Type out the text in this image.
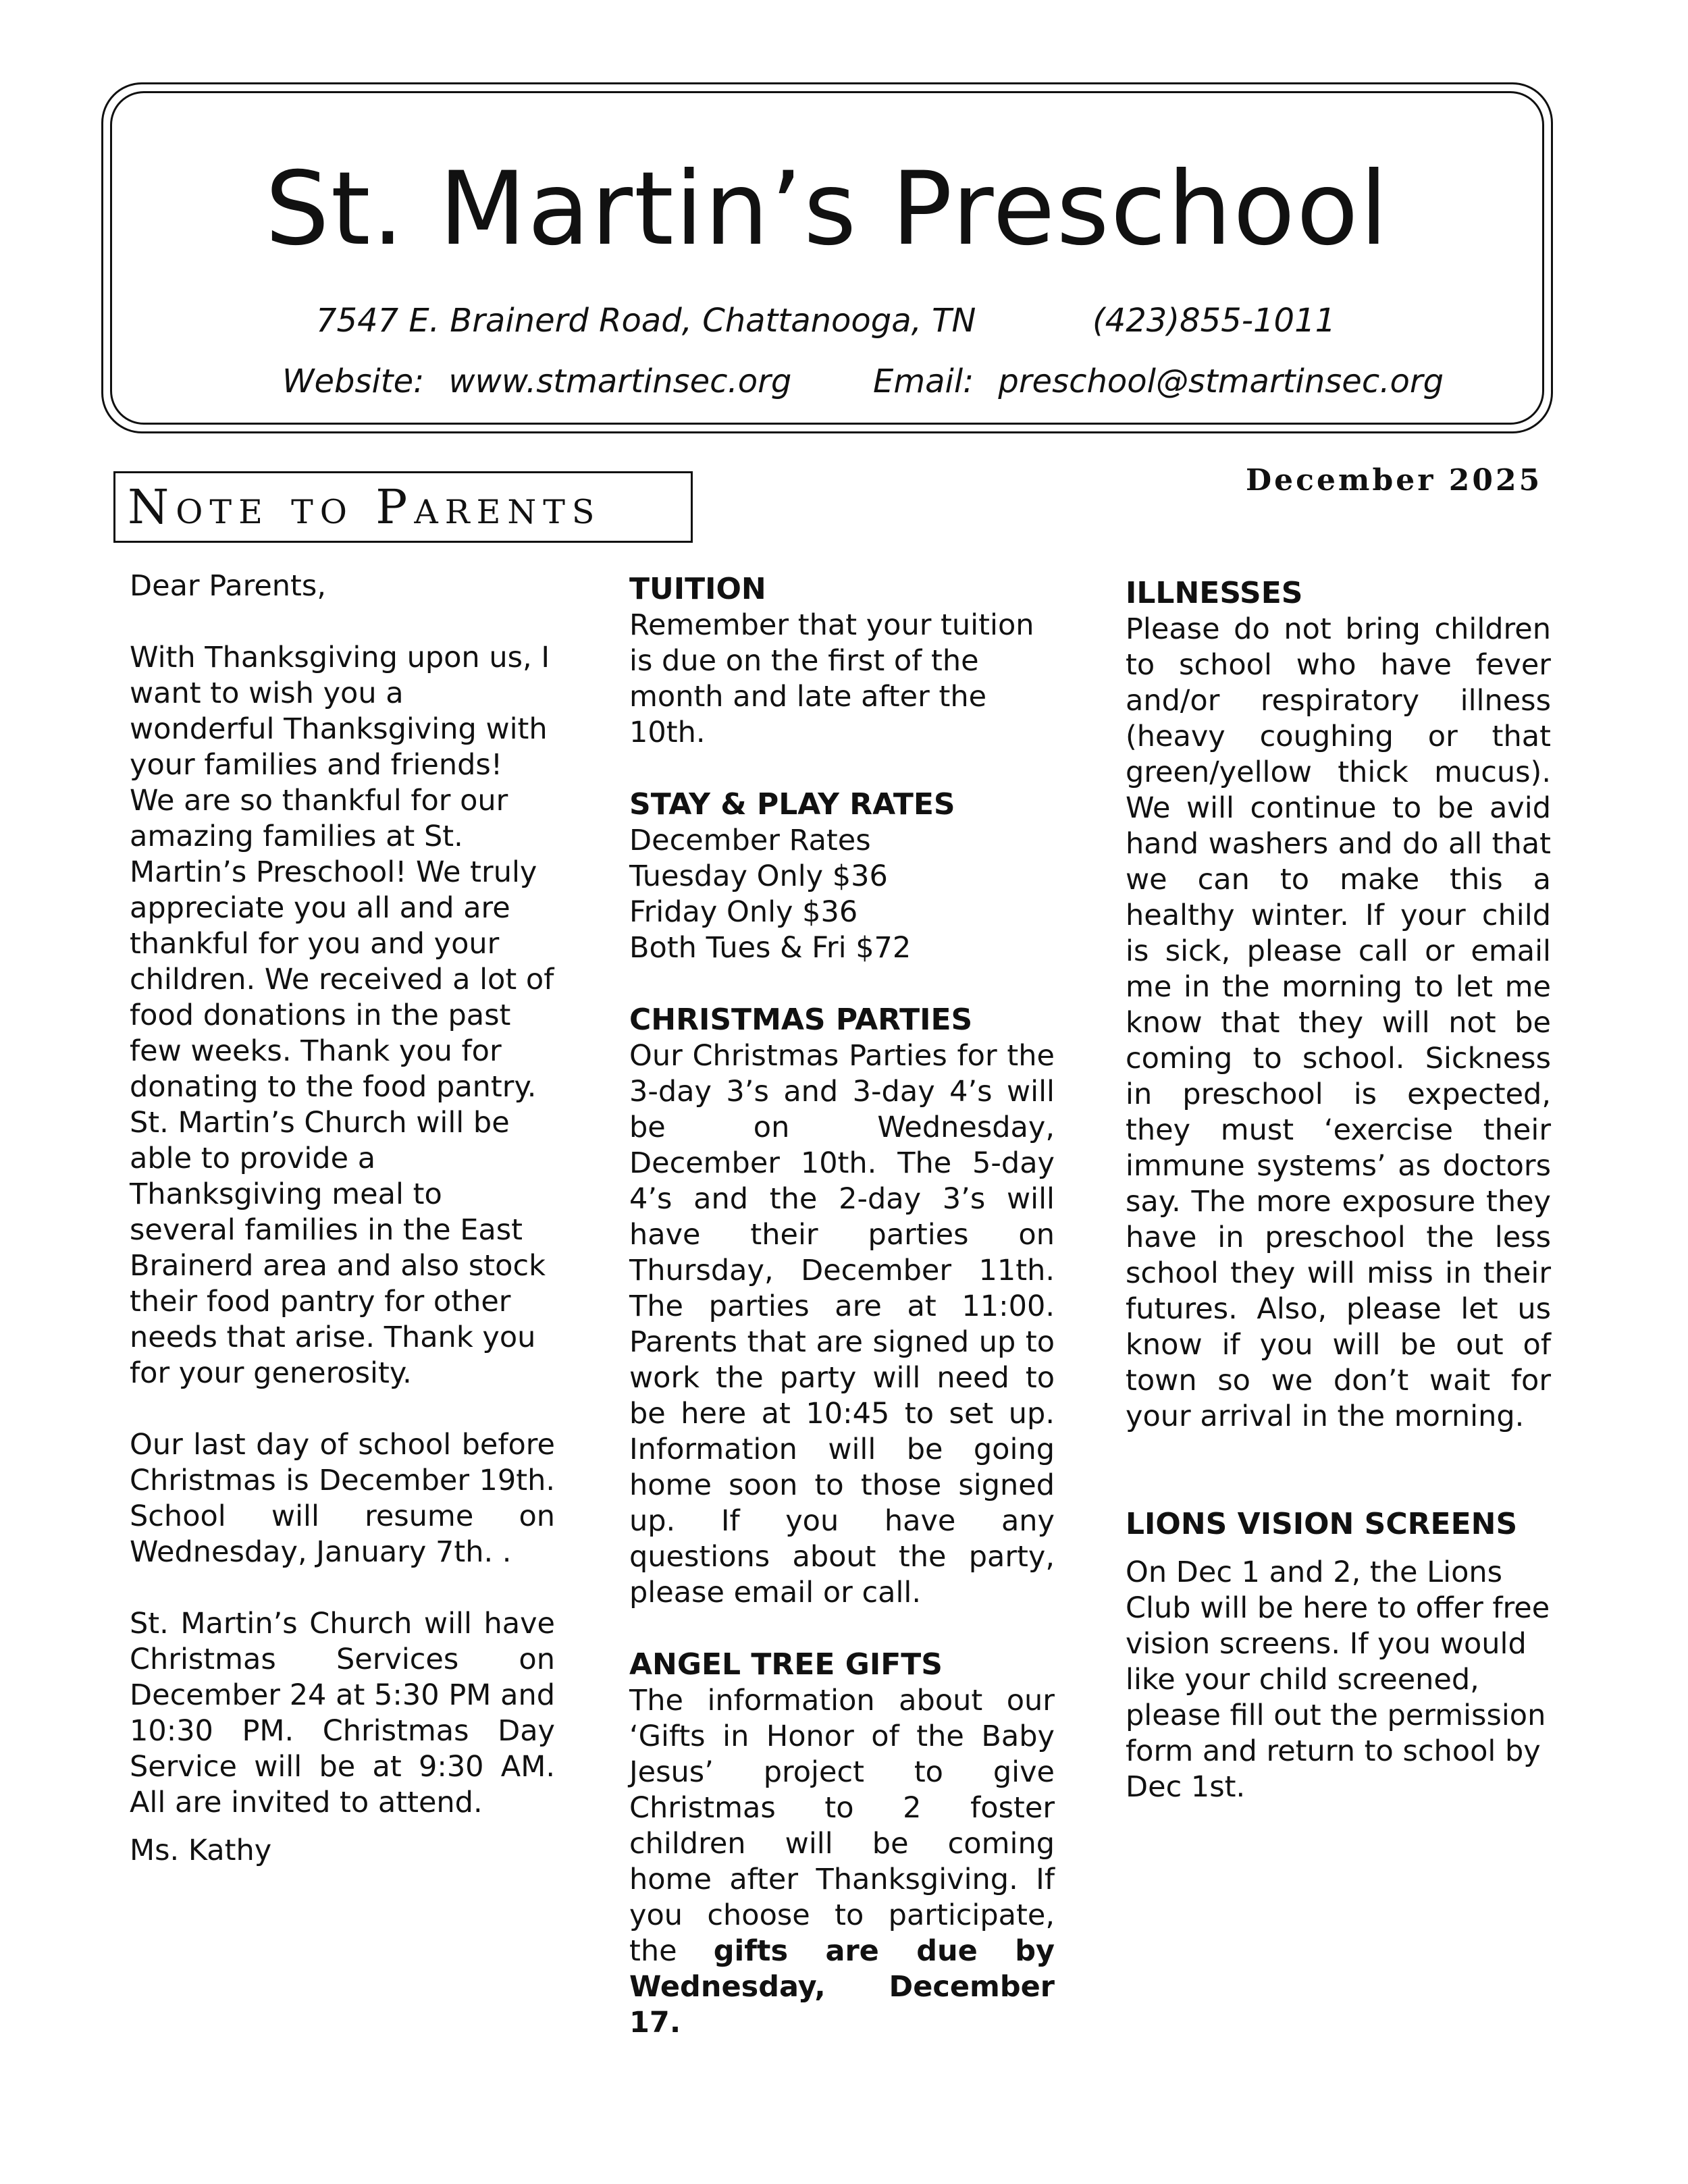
St. Martin’s Preschool
7547 E. Brainerd Road, Chattanooga, TN	(423)855-1011
Website: www.stmartinsec.org	Email: preschool@stmartinsec.org
Note to Parents	December 2025

Dear Parents,

With Thanksgiving upon us, I want to wish you a wonderful Thanksgiving with your families and friends! We are so thankful for our amazing families at St. Martin’s Preschool! We truly appreciate you all and are thankful for you and your children. We received a lot of food donations in the past few weeks. Thank you for donating to the food pantry. St. Martin’s Church will be able to provide a Thanksgiving meal to several families in the East Brainerd area and also stock their food pantry for other needs that arise. Thank you for your generosity.

Our last day of school before Christmas is December 19th. School will resume on Wednesday, January 7th. .

St. Martin’s Church will have Christmas Services on December 24 at 5:30 PM and 10:30 PM. Christmas Day Service will be at 9:30 AM. All are invited to attend.

Ms. Kathy

TUITION

Remember that your tuition is due on the first of the month and late after the 10th.

STAY & PLAY RATES

December Rates
Tuesday Only $36
Friday Only $36
Both Tues & Fri $72

CHRISTMAS PARTIES

Our Christmas Parties for the 3-day 3’s and 3-day 4’s will be on Wednesday, December 10th. The 5-day 4’s and the 2-day 3’s will have their parties on Thursday, December 11th. The parties are at 11:00. Parents that are signed up to work the party will need to be here at 10:45 to set up. Information will be going home soon to those signed up. If you have any questions about the party, please email or call.

ANGEL TREE GIFTS

The information about our ‘Gifts in Honor of the Baby Jesus’ project to give Christmas to 2 foster children will be coming home after Thanksgiving. If you choose to participate, the gifts are due by Wednesday, December 17.

ILLNESSES

Please do not bring children to school who have fever and/or respiratory illness (heavy coughing or that green/yellow thick mucus). We will continue to be avid hand washers and do all that we can to make this a healthy winter. If your child is sick, please call or email me in the morning to let me know that they will not be coming to school. Sickness in preschool is expected, they must ‘exercise their immune systems’ as doctors say. The more exposure they have in preschool the less school they will miss in their futures. Also, please let us know if you will be out of town so we don’t wait for your arrival in the morning.

LIONS VISION SCREENS

On Dec 1 and 2, the Lions Club will be here to offer free vision screens. If you would like your child screened, please fill out the permission form and return to school by Dec 1st.
